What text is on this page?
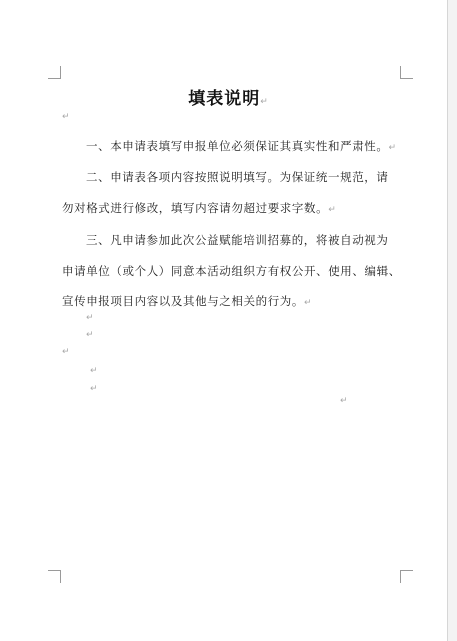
填表说明↵
↵
一、本申请表填写申报单位必须保证其真实性和严肃性。↵
二、申请表各项内容按照说明填写。为保证统一规范，请
勿对格式进行修改，填写内容请勿超过要求字数。↵
三、凡申请参加此次公益赋能培训招募的，将被自动视为
申请单位（或个人）同意本活动组织方有权公开、使用、编辑、
宣传申报项目内容以及其他与之相关的行为。↵
↵
↵
↵
↵
↵
↵
